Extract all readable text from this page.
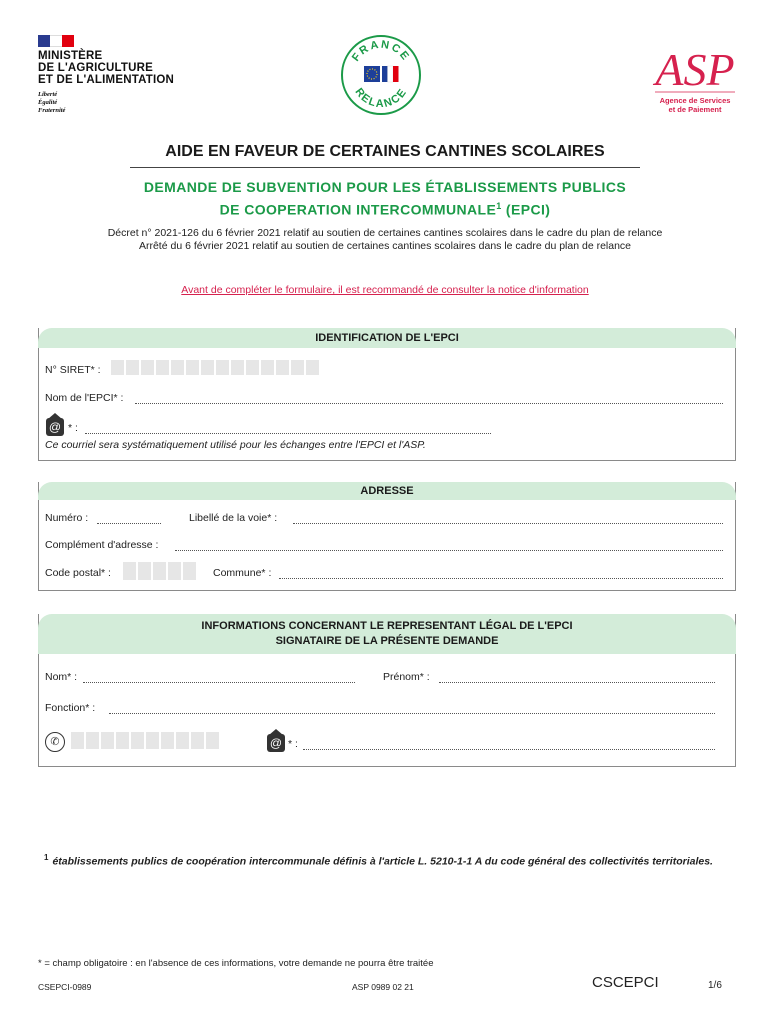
MINISTÈRE
DE L'AGRICULTURE
ET DE L'ALIMENTATION
Liberté
Égalité
Fraternité
FRANCE
RELANCE	ASP
Agence de Services
et de Paiement
AIDE EN FAVEUR DE CERTAINES CANTINES SCOLAIRES
DEMANDE DE SUBVENTION POUR LES ÉTABLISSEMENTS PUBLICS
DE COOPERATION INTERCOMMUNALE$^1$ (EPCI)
Décret n° 2021-126 du 6 février 2021 relatif au soutien de certaines cantines scolaires dans le cadre du plan de relance
Arrêté du 6 février 2021 relatif au soutien de certaines cantines scolaires dans le cadre du plan de relance
Avant de compléter le formulaire, il est recommandé de consulter la notice d'information
IDENTIFICATION DE L'EPCI
N° SIRET* :
Nom de l'EPCI* :
@ * :
Ce courriel sera systématiquement utilisé pour les échanges entre l'EPCI et l'ASP.
ADRESSE
Numéro :	Libellé de la voie* :
Complément d'adresse :
Code postal* :	Commune* :
INFORMATIONS CONCERNANT LE REPRESENTANT LÉGAL DE L'EPCI
SIGNATAIRE DE LA PRÉSENTE DEMANDE
Nom* :	Prénom* :
Fonction* :
✆	@ * :
$^1$ établissements publics de coopération intercommunale définis à l'article L. 5210-1-1 A du code général des collectivités territoriales.
* = champ obligatoire : en l'absence de ces informations, votre demande ne pourra être traitée
CSEPCI-0989	ASP 0989 02 21	CSCEPCI	1/6
